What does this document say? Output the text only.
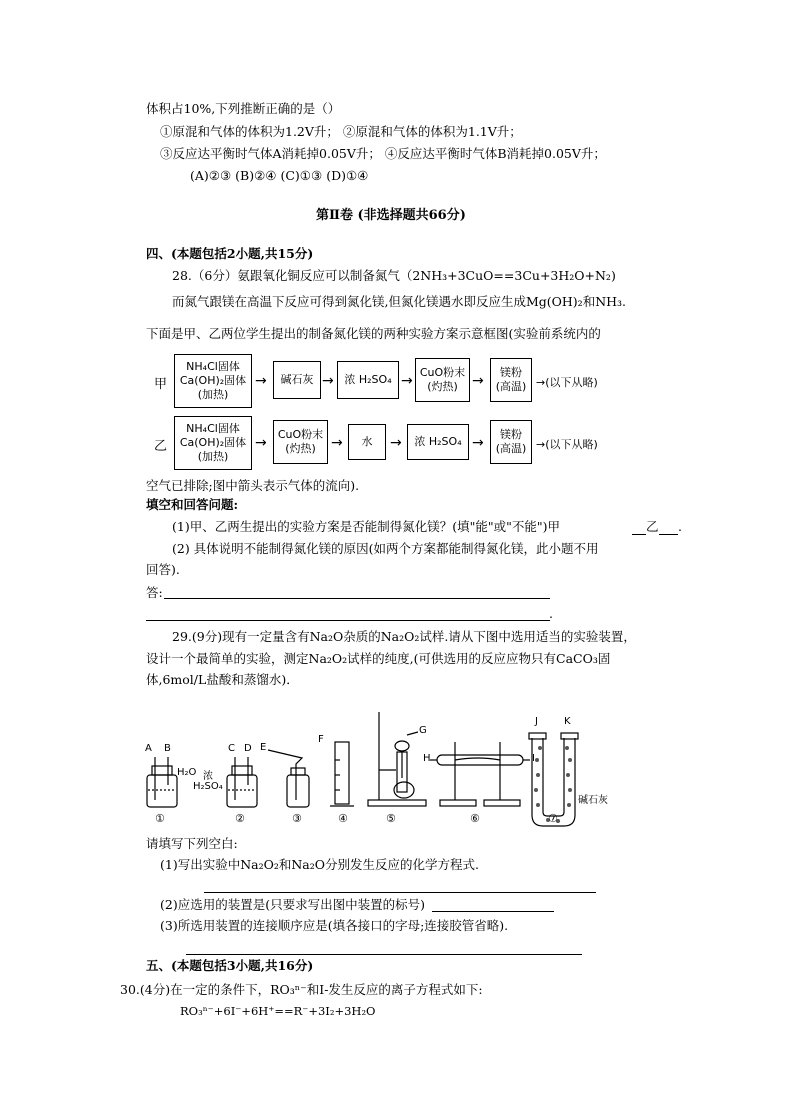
体积占10%,下列推断正确的是（）
①原混和气体的体积为1.2V升； ②原混和气体的体积为1.1V升；
③反应达平衡时气体A消耗掉0.05V升； ④反应达平衡时气体B消耗掉0.05V升；
(A)②③ (B)②④ (C)①③ (D)①④
第Ⅱ卷 (非选择题共66分)
四、(本题包括2小题,共15分)
28.（6分）氨跟氧化铜反应可以制备氮气（2NH₃+3CuO==3Cu+3H₂O+N₂)
而氮气跟镁在高温下反应可得到氮化镁,但氮化镁遇水即反应生成Mg(OH)₂和NH₃.
下面是甲、乙两位学生提出的制备氮化镁的两种实验方案示意框图(实验前系统内的
甲
NH₄Cl固体
Ca(OH)₂固体
(加热)
→	碱石灰 → 浓 H₂SO₄ →
CuO粉末
(灼热)	→
镁粉
(高温) →(以下从略)
乙
NH₄Cl固体
Ca(OH)₂固体
(加热)
→
CuO粉末
(灼热)	→	水	→	浓 H₂SO₄ →
镁粉
(高温) →(以下从略)
空气已排除;图中箭头表示气体的流向).
填空和回答问题:
(1)甲、乙两生提出的实验方案是否能制得氮化镁？(填"能"或"不能")甲	乙 .
(2) 具体说明不能制得氮化镁的原因(如两个方案都能制得氮化镁，此小题不用
回答).
答:
.
29.(9分)现有一定量含有Na₂O杂质的Na₂O₂试样.请从下图中选用适当的实验装置，
设计一个最简单的实验，测定Na₂O₂试样的纯度,(可供选用的反应应物只有CaCO₃固
体,6mol/L盐酸和蒸馏水)．
A B	C D E
F
G
H	I
J	K
H₂O 浓
H₂SO₄
碱石灰
①	②	③	④	⑤	⑥	⑦
请填写下列空白:
(1)写出实验中Na₂O₂和Na₂O分别发生反应的化学方程式.
(2)应选用的装置是(只要求写出图中装置的标号)
(3)所选用装置的连接顺序应是(填各接口的字母;连接胶管省略).
五、(本题包括3小题,共16分)
30.(4分)在一定的条件下，RO₃ⁿ⁻和I-发生反应的离子方程式如下:
RO₃ⁿ⁻+6I⁻+6H⁺==R⁻+3I₂+3H₂O
